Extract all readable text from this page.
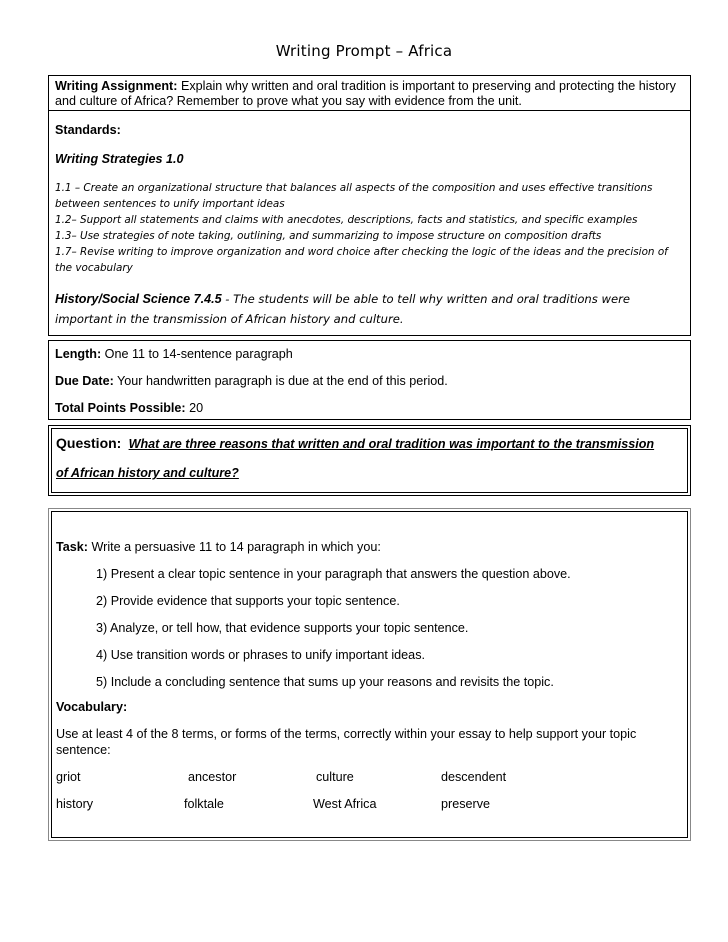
Writing Prompt – Africa

Writing Assignment: Explain why written and oral tradition is important to preserving and protecting the history and culture of Africa? Remember to prove what you say with evidence from the unit.

Standards:
Writing Strategies 1.0
1.1 – Create an organizational structure that balances all aspects of the composition and uses effective transitions
between sentences to unify important ideas
1.2– Support all statements and claims with anecdotes, descriptions, facts and statistics, and specific examples
1.3– Use strategies of note taking, outlining, and summarizing to impose structure on composition drafts
1.7– Revise writing to improve organization and word choice after checking the logic of the ideas and the precision of
the vocabulary
History/Social Science 7.4.5 - The students will be able to tell why written and oral traditions were
important in the transmission of African history and culture.
Length: One 11 to 14-sentence paragraph
Due Date: Your handwritten paragraph is due at the end of this period.
Total Points Possible: 20
Question: What are three reasons that written and oral tradition was important to the transmission
of African history and culture?
Task: Write a persuasive 11 to 14 paragraph in which you:
1) Present a clear topic sentence in your paragraph that answers the question above.
2) Provide evidence that supports your topic sentence.
3) Analyze, or tell how, that evidence supports your topic sentence.
4) Use transition words or phrases to unify important ideas.
5) Include a concluding sentence that sums up your reasons and revisits the topic.
Vocabulary:
Use at least 4 of the 8 terms, or forms of the terms, correctly within your essay to help support your topic
sentence:
griot	ancestor	culture	descendent
history	folktale	West Africa	preserve
